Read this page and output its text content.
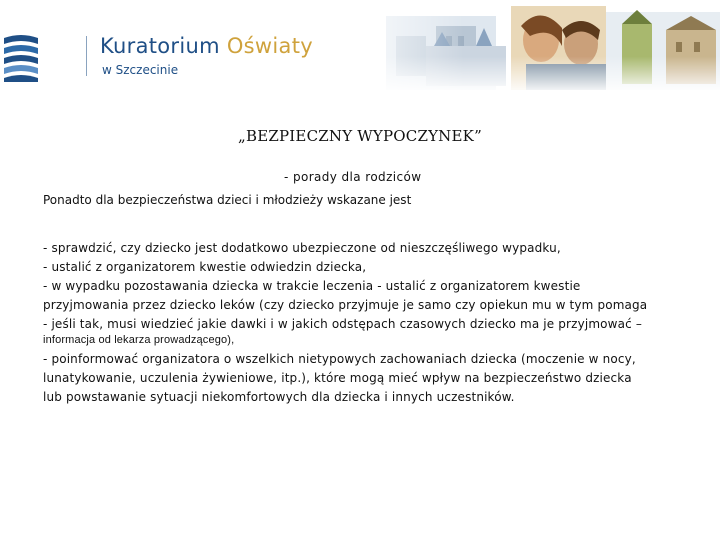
Kuratorium Oświaty
w Szczecinie
„BEZPIECZNY WYPOCZYNEK”
- porady dla rodziców
Ponadto dla bezpieczeństwa dzieci i młodzieży wskazane jest

- sprawdzić, czy dziecko jest dodatkowo ubezpieczone od nieszczęśliwego wypadku,

- ustalić z organizatorem kwestie odwiedzin dziecka,

- w wypadku pozostawania dziecka w trakcie leczenia - ustalić z organizatorem kwestie

przyjmowania przez dziecko leków (czy dziecko przyjmuje je samo czy opiekun mu w tym pomaga

- jeśli tak, musi wiedzieć jakie dawki i w jakich odstępach czasowych dziecko ma je przyjmować –

informacja od lekarza prowadzącego),

- poinformować organizatora o wszelkich nietypowych zachowaniach dziecka (moczenie w nocy,

lunatykowanie, uczulenia żywieniowe, itp.), które mogą mieć wpływ na bezpieczeństwo dziecka

lub powstawanie sytuacji niekomfortowych dla dziecka i innych uczestników.
